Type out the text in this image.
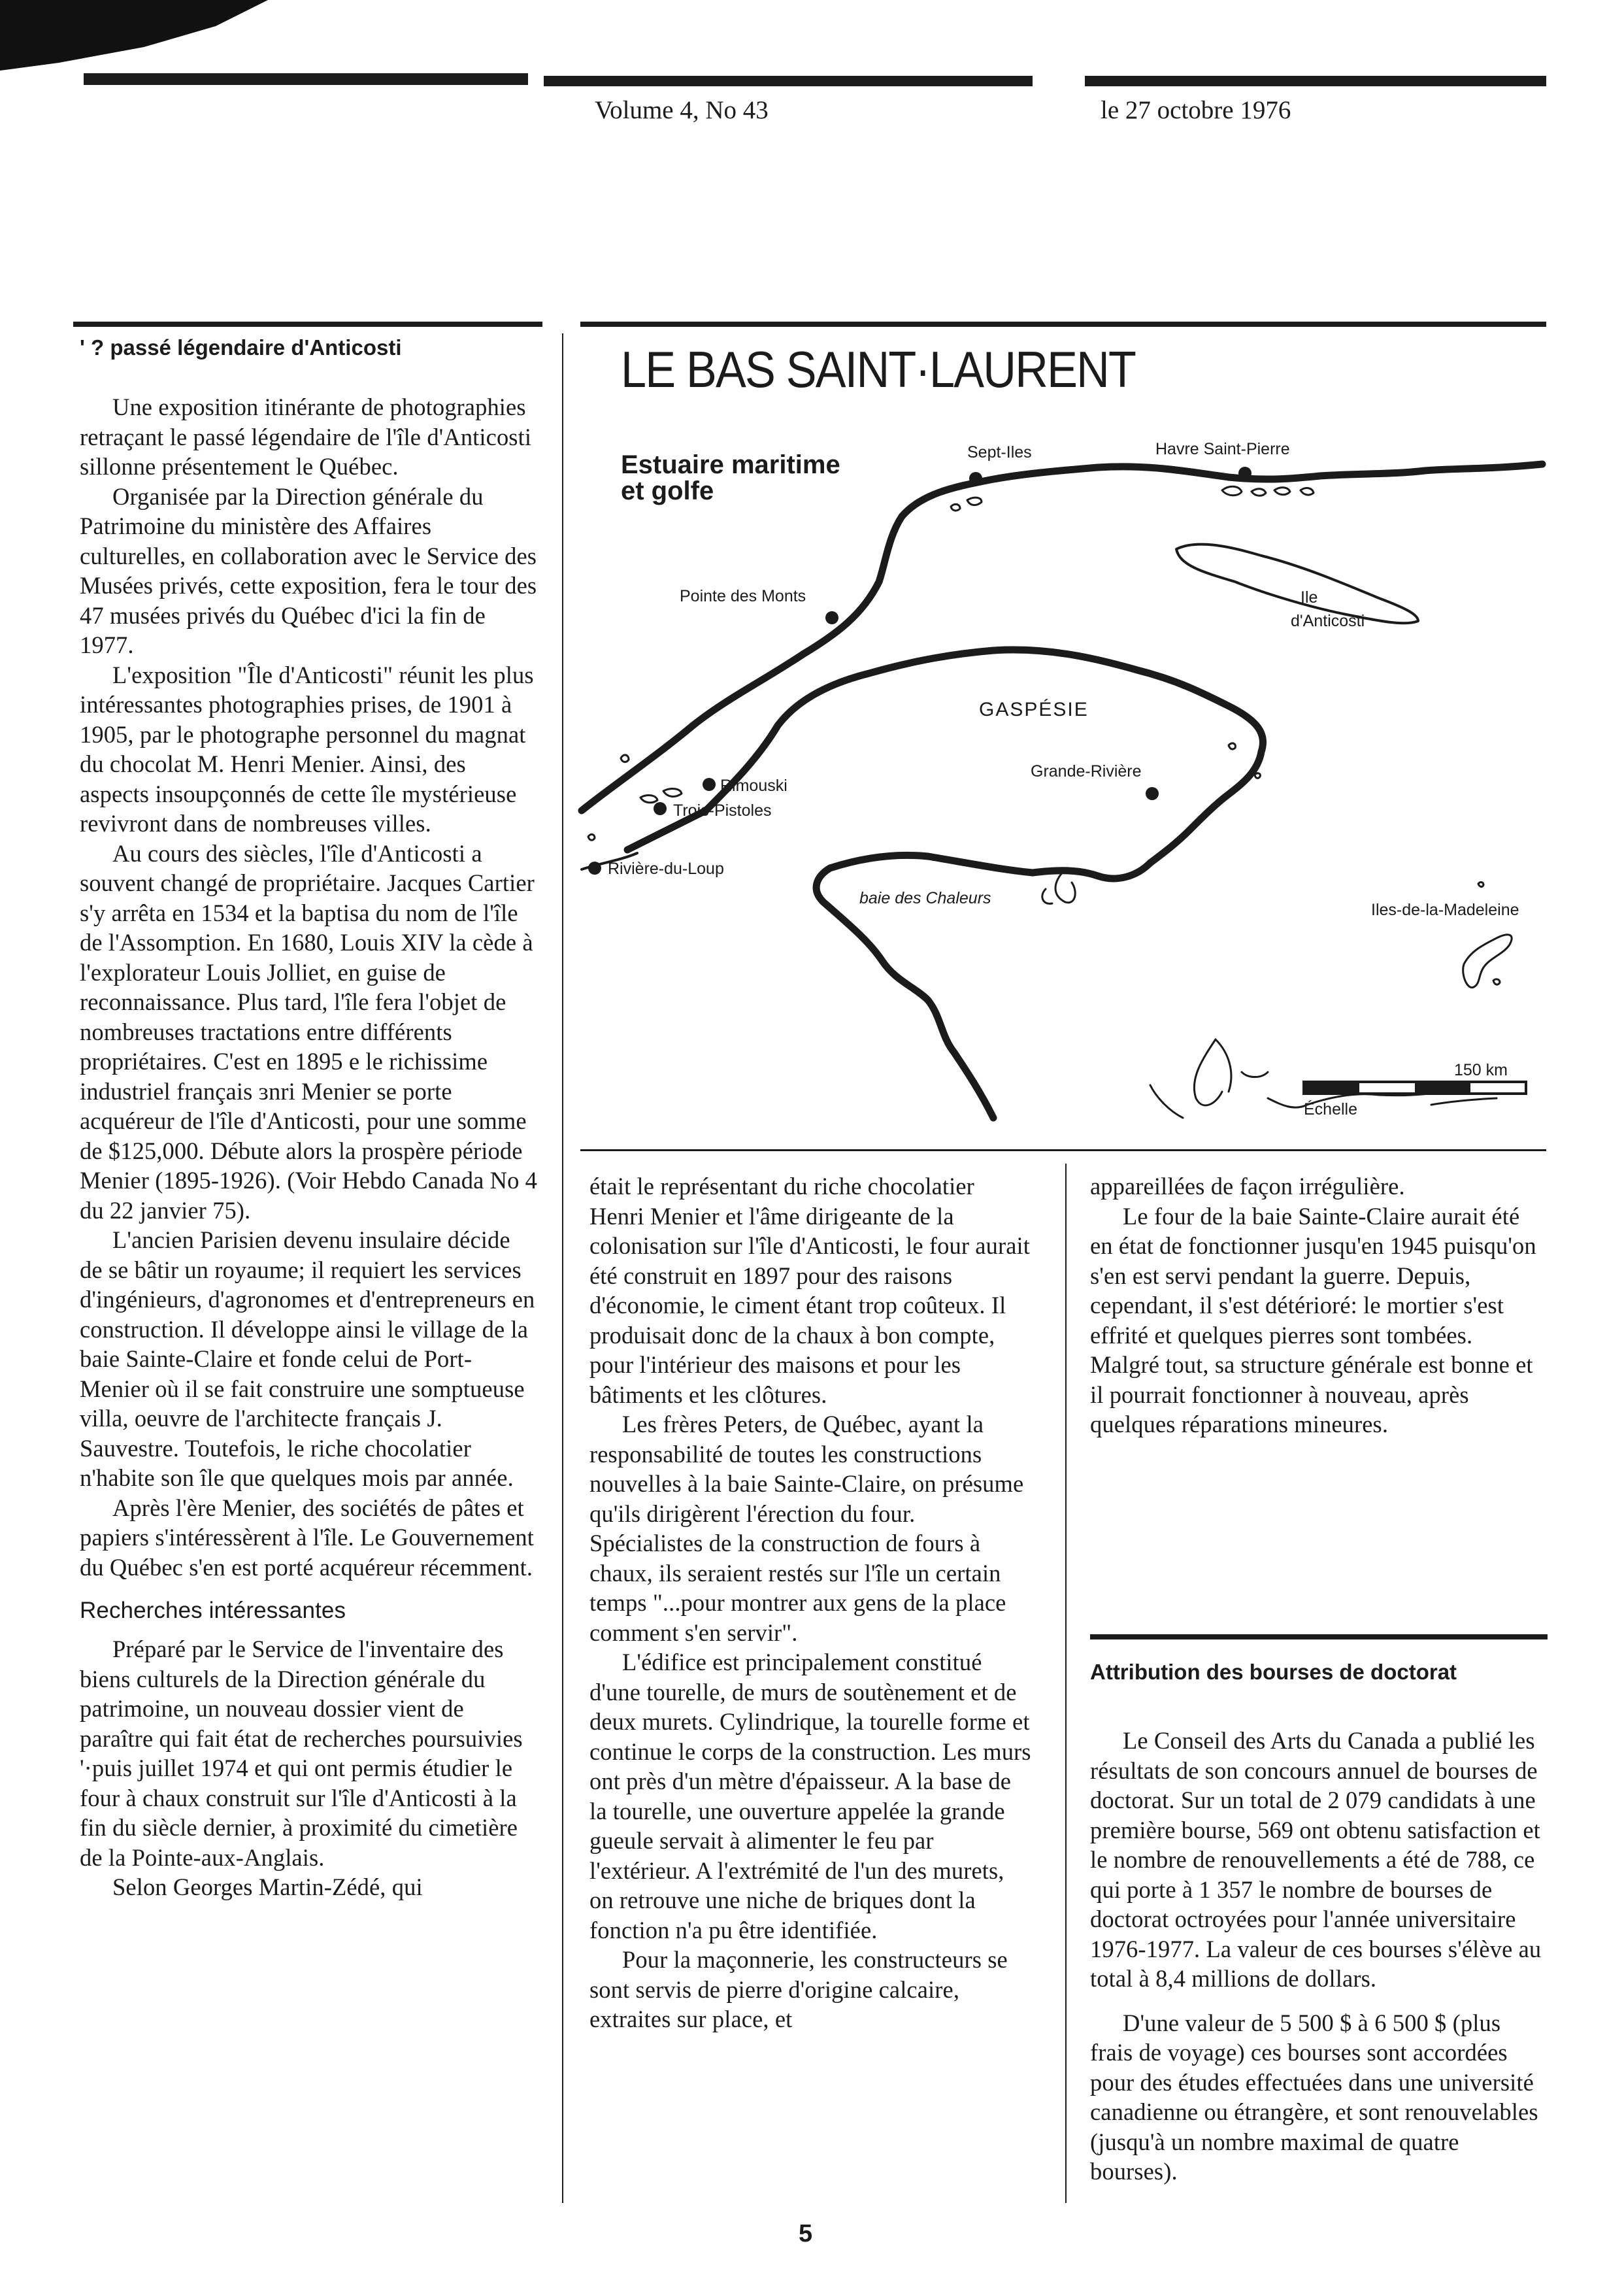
Volume 4, No 43	le 27 octobre 1976
' ? passé légendaire d'Anticosti

Une exposition itinérante de photographies retraçant le passé légendaire de l'île d'Anticosti sillonne présentement le Québec.

Organisée par la Direction générale du Patrimoine du ministère des Affaires culturelles, en collaboration avec le Service des Musées privés, cette exposition, fera le tour des 47 musées privés du Québec d'ici la fin de 1977.

L'exposition "Île d'Anticosti" réunit les plus intéressantes photographies prises, de 1901 à 1905, par le photographe personnel du magnat du chocolat M. Henri Menier. Ainsi, des aspects insoupçonnés de cette île mystérieuse revivront dans de nombreuses villes.

Au cours des siècles, l'île d'Anticosti a souvent changé de propriétaire. Jacques Cartier s'y arrêta en 1534 et la baptisa du nom de l'île de l'Assomption. En 1680, Louis XIV la cède à l'explorateur Louis Jolliet, en guise de reconnaissance. Plus tard, l'île fera l'objet de nombreuses tractations entre différents propriétaires. C'est en 1895 e le richissime industriel français ɜnri Menier se porte acquéreur de l'île d'Anticosti, pour une somme de $125,000. Débute alors la prospère période Menier (1895-1926). (Voir Hebdo Canada No 4 du 22 janvier 75).

L'ancien Parisien devenu insulaire décide de se bâtir un royaume; il requiert les services d'ingénieurs, d'agronomes et d'entrepreneurs en construction. Il développe ainsi le village de la baie Sainte-Claire et fonde celui de Port-Menier où il se fait construire une somptueuse villa, oeuvre de l'architecte français J. Sauvestre. Toutefois, le riche chocolatier n'habite son île que quelques mois par année.

Après l'ère Menier, des sociétés de pâtes et papiers s'intéressèrent à l'île. Le Gouvernement du Québec s'en est porté acquéreur récemment.

Recherches intéressantes

Préparé par le Service de l'inventaire des biens culturels de la Direction générale du patrimoine, un nouveau dossier vient de paraître qui fait état de recherches poursuivies '·puis juillet 1974 et qui ont permis étudier le four à chaux construit sur l'île d'Anticosti à la fin du siècle dernier, à proximité du cimetière de la Pointe-aux-Anglais.

Selon Georges Martin-Zédé, qui

LE BAS SAINT·LAURENT
Sept-Iles	Havre Saint-Pierre
Pointe des Monts	Ile
d'Anticosti
GASPÉSIE
Rimouski
Trois-Pistoles
Grande-Rivière
Rivière-du-Loup
baie des Chaleurs
Iles-de-la-Madeleine
150 km
Échelle
Estuaire maritime
et golfe

était le représentant du riche chocolatier Henri Menier et l'âme dirigeante de la colonisation sur l'île d'Anticosti, le four aurait été construit en 1897 pour des raisons d'économie, le ciment étant trop coûteux. Il produisait donc de la chaux à bon compte, pour l'intérieur des maisons et pour les bâtiments et les clôtures.

Les frères Peters, de Québec, ayant la responsabilité de toutes les constructions nouvelles à la baie Sainte-Claire, on présume qu'ils dirigèrent l'érection du four. Spécialistes de la construction de fours à chaux, ils seraient restés sur l'île un certain temps "...pour montrer aux gens de la place comment s'en servir".

L'édifice est principalement constitué d'une tourelle, de murs de soutènement et de deux murets. Cylindrique, la tourelle forme et continue le corps de la construction. Les murs ont près d'un mètre d'épaisseur. A la base de la tourelle, une ouverture appelée la grande gueule servait à alimenter le feu par l'extérieur. A l'extrémité de l'un des murets, on retrouve une niche de briques dont la fonction n'a pu être identifiée.

Pour la maçonnerie, les constructeurs se sont servis de pierre d'origine calcaire, extraites sur place, et

appareillées de façon irrégulière.

Le four de la baie Sainte-Claire aurait été en état de fonctionner jusqu'en 1945 puisqu'on s'en est servi pendant la guerre. Depuis, cependant, il s'est détérioré: le mortier s'est effrité et quelques pierres sont tombées. Malgré tout, sa structure générale est bonne et il pourrait fonctionner à nouveau, après quelques réparations mineures.

Attribution des bourses de doctorat

Le Conseil des Arts du Canada a publié les résultats de son concours annuel de bourses de doctorat. Sur un total de 2 079 candidats à une première bourse, 569 ont obtenu satisfaction et le nombre de renouvellements a été de 788, ce qui porte à 1 357 le nombre de bourses de doctorat octroyées pour l'année universitaire 1976-1977. La valeur de ces bourses s'élève au total à 8,4 millions de dollars.

D'une valeur de 5 500 $ à 6 500 $ (plus frais de voyage) ces bourses sont accordées pour des études effectuées dans une université canadienne ou étrangère, et sont renouvelables (jusqu'à un nombre maximal de quatre bourses).

5
